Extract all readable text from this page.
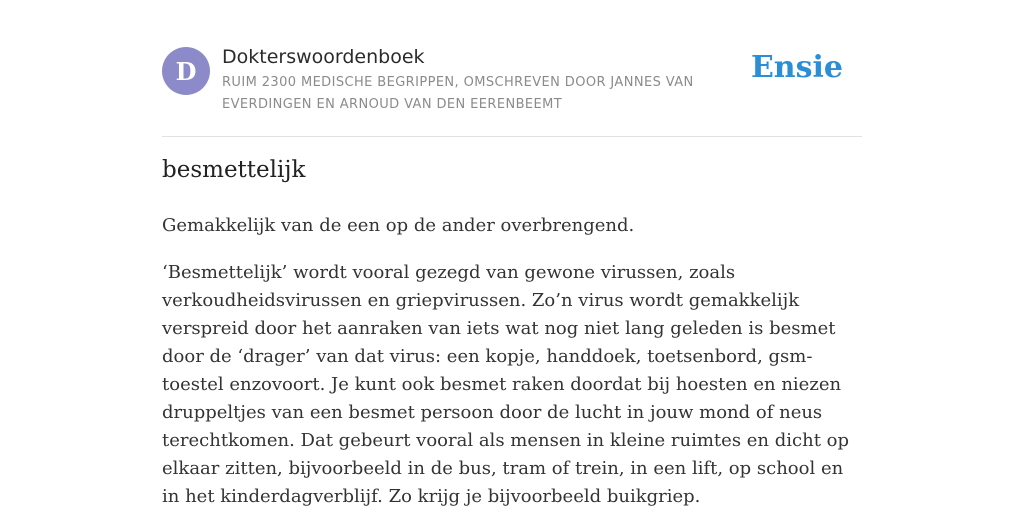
D	Dokterswoordenboek
RUIM 2300 MEDISCHE BEGRIPPEN, OMSCHREVEN DOOR JANNES VAN EVERDINGEN EN ARNOUD VAN DEN EERENBEEMT
Ensie
besmettelijk

Gemakkelijk van de een op de ander overbrengend.

‘Besmettelijk’ wordt vooral gezegd van gewone virussen, zoals verkoudheidsvirussen en griepvirussen. Zo’n virus wordt gemakkelijk verspreid door het aanraken van iets wat nog niet lang geleden is besmet door de ‘drager’ van dat virus: een kopje, handdoek, toetsenbord, gsm-toestel enzovoort. Je kunt ook besmet raken doordat bij hoesten en niezen druppeltjes van een besmet persoon door de lucht in jouw mond of neus terechtkomen. Dat gebeurt vooral als mensen in kleine ruimtes en dicht op elkaar zitten, bijvoorbeeld in de bus, tram of trein, in een lift, op school en in het kinderdagverblijf. Zo krijg je bijvoorbeeld buikgriep.
